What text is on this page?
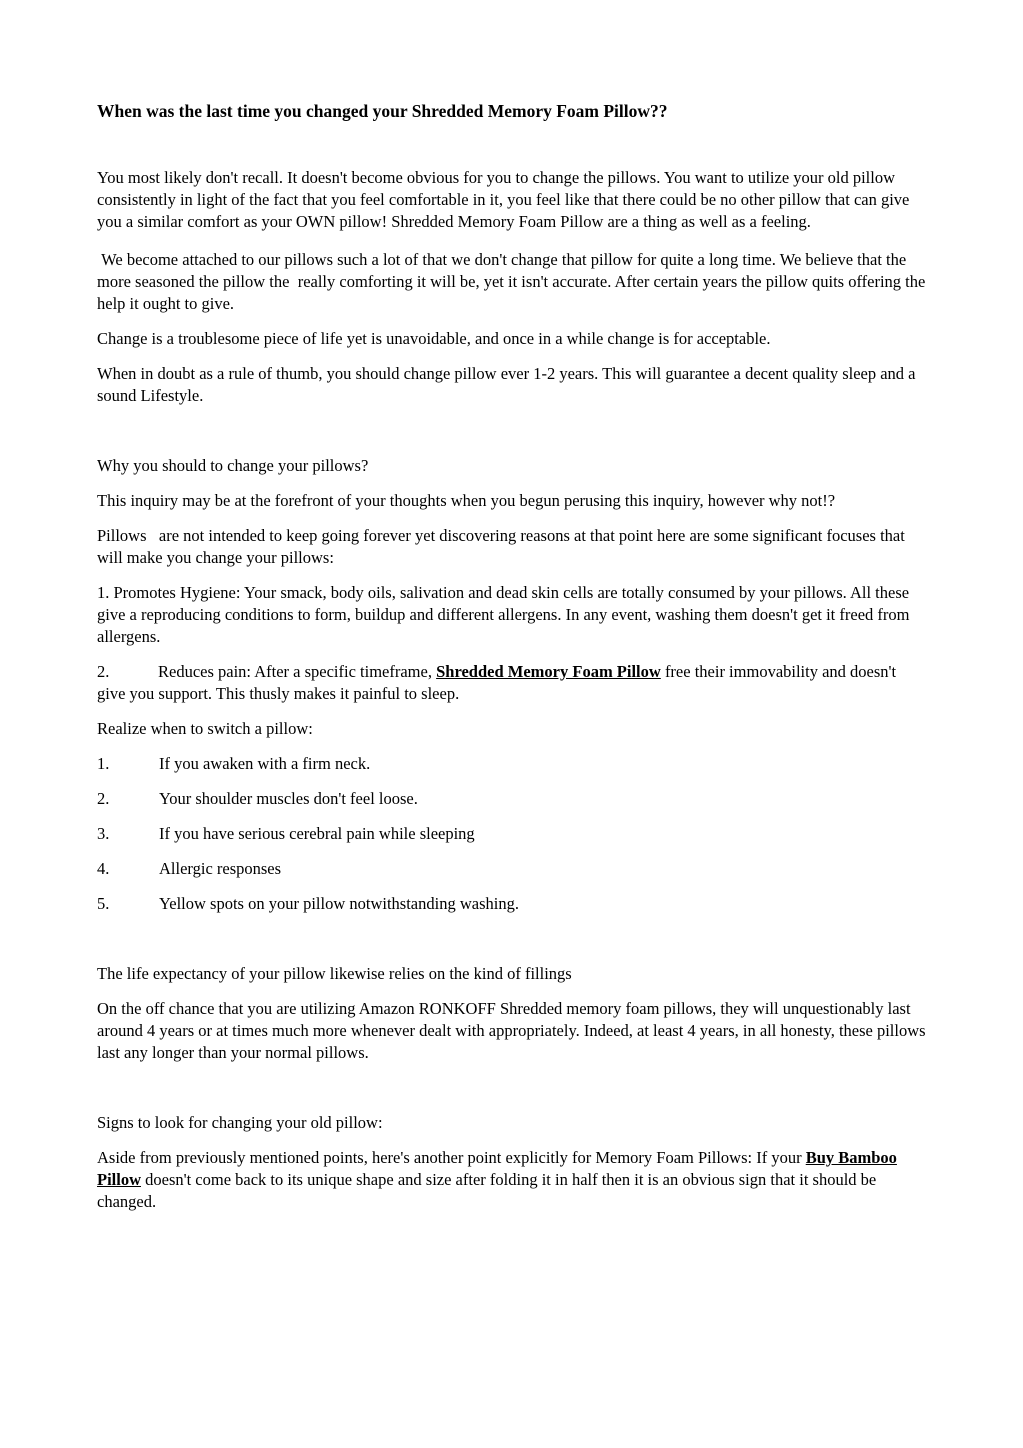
When was the last time you changed your Shredded Memory Foam Pillow??

You most likely don't recall. It doesn't become obvious for you to change the pillows. You want to utilize your old pillow consistently in light of the fact that you feel comfortable in it, you feel like that there could be no other pillow that can give you a similar comfort as your OWN pillow! Shredded Memory Foam Pillow are a thing as well as a feeling.

We become attached to our pillows such a lot of that we don't change that pillow for quite a long time. We believe that the more seasoned the pillow the  really comforting it will be, yet it isn't accurate. After certain years the pillow quits offering the help it ought to give.

Change is a troublesome piece of life yet is unavoidable, and once in a while change is for acceptable.

When in doubt as a rule of thumb, you should change pillow ever 1-2 years. This will guarantee a decent quality sleep and a sound Lifestyle.

Why you should to change your pillows?

This inquiry may be at the forefront of your thoughts when you begun perusing this inquiry, however why not!?

Pillows   are not intended to keep going forever yet discovering reasons at that point here are some significant focuses that will make you change your pillows:

1. Promotes Hygiene: Your smack, body oils, salivation and dead skin cells are totally consumed by your pillows. All these give a reproducing conditions to form, buildup and different allergens. In any event, washing them doesn't get it freed from allergens.

2.	Reduces pain: After a specific timeframe, Shredded Memory Foam Pillow free their immovability and doesn't give you support. This thusly makes it painful to sleep.

Realize when to switch a pillow:

1.	If you awaken with a firm neck.
2.	Your shoulder muscles don't feel loose.
3.	If you have serious cerebral pain while sleeping
4.	Allergic responses
5.	Yellow spots on your pillow notwithstanding washing.

The life expectancy of your pillow likewise relies on the kind of fillings

On the off chance that you are utilizing Amazon RONKOFF Shredded memory foam pillows, they will unquestionably last around 4 years or at times much more whenever dealt with appropriately. Indeed, at least 4 years, in all honesty, these pillows last any longer than your normal pillows.

Signs to look for changing your old pillow:

Aside from previously mentioned points, here's another point explicitly for Memory Foam Pillows: If your Buy Bamboo Pillow doesn't come back to its unique shape and size after folding it in half then it is an obvious sign that it should be changed.
